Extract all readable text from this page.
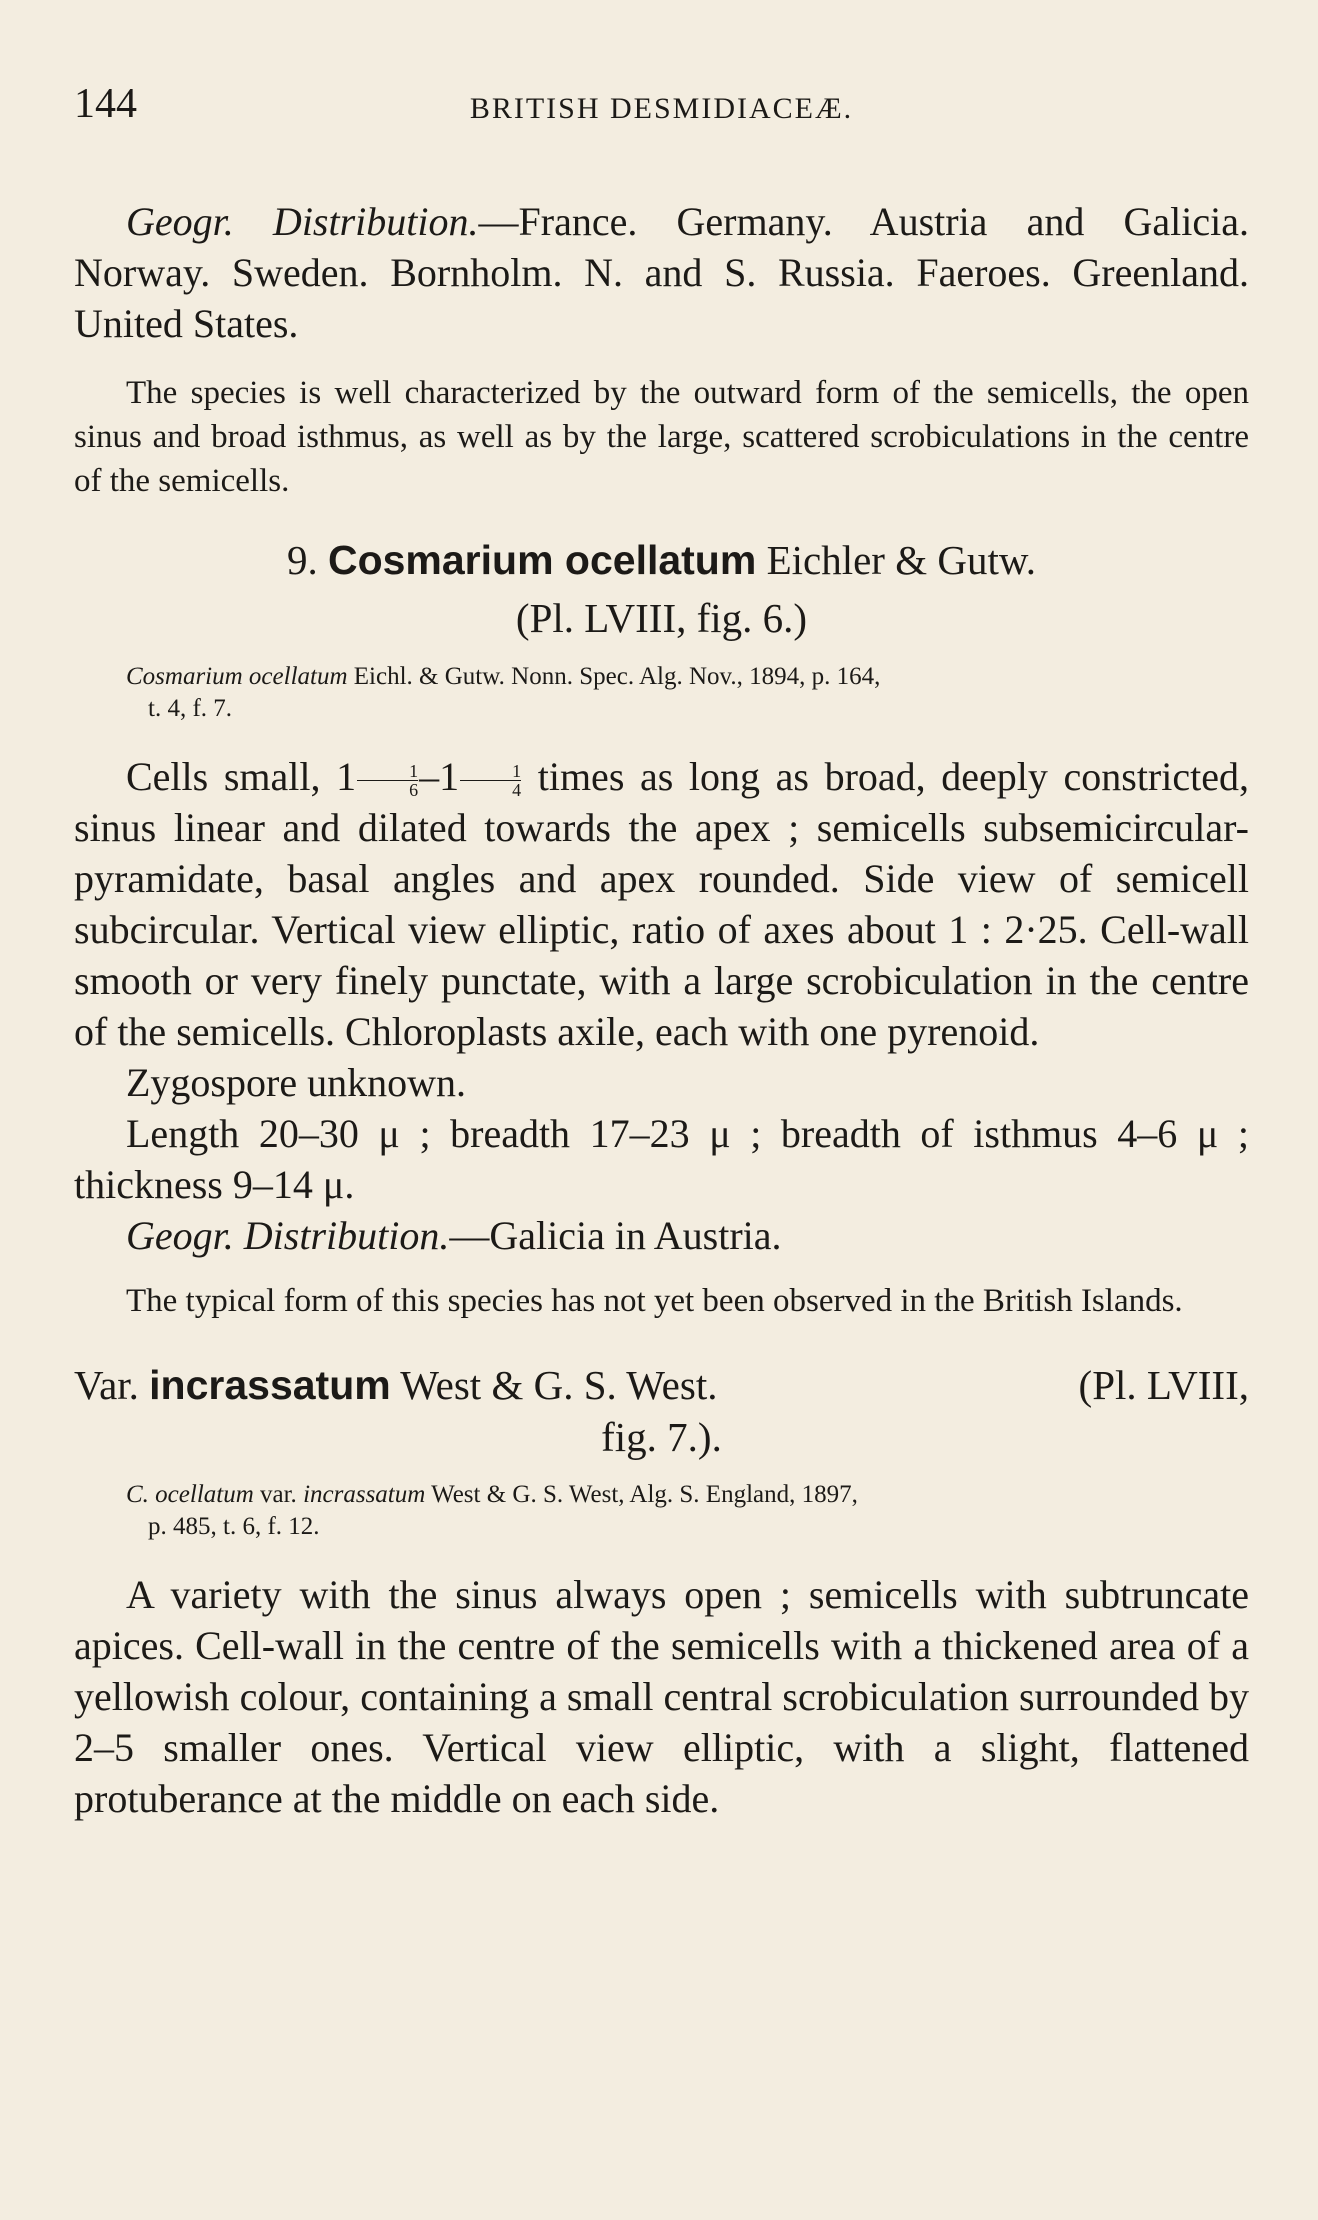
144	BRITISH DESMIDIACEÆ.

Geogr. Distribution.—France. Germany. Austria and Galicia. Norway. Sweden. Bornholm. N. and S. Russia. Faeroes. Greenland. United States.

The species is well characterized by the outward form of the semicells, the open sinus and broad isthmus, as well as by the large, scattered scrobiculations in the centre of the semicells.

9. Cosmarium ocellatum Eichler & Gutw.

(Pl. LVIII, fig. 6.)

Cosmarium ocellatum Eichl. & Gutw. Nonn. Spec. Alg. Nov., 1894, p. 164,
t. 4, f. 7.

Cells small, $1 \frac{1}{6} -1 \frac{1}{4}$ times as long as broad, deeply constricted, sinus linear and dilated towards the apex ; semicells subsemicircular-pyramidate, basal angles and apex rounded. Side view of semicell subcircular. Vertical view elliptic, ratio of axes about 1 : 2·25. Cell-wall smooth or very finely punctate, with a large scrobiculation in the centre of the semicells. Chloroplasts axile, each with one pyrenoid.

Zygospore unknown.

Length 20–30 μ ; breadth 17–23 μ ; breadth of isthmus 4–6 μ ; thickness 9–14 μ.

Geogr. Distribution.—Galicia in Austria.

The typical form of this species has not yet been observed in the British Islands.

Var. incrassatum West & G. S. West.	(Pl. LVIII,
fig. 7.).

C. ocellatum var. incrassatum West & G. S. West, Alg. S. England, 1897,
p. 485, t. 6, f. 12.

A variety with the sinus always open ; semicells with subtruncate apices. Cell-wall in the centre of the semicells with a thickened area of a yellowish colour, containing a small central scrobiculation surrounded by 2–5 smaller ones. Vertical view elliptic, with a slight, flattened protuberance at the middle on each side.
